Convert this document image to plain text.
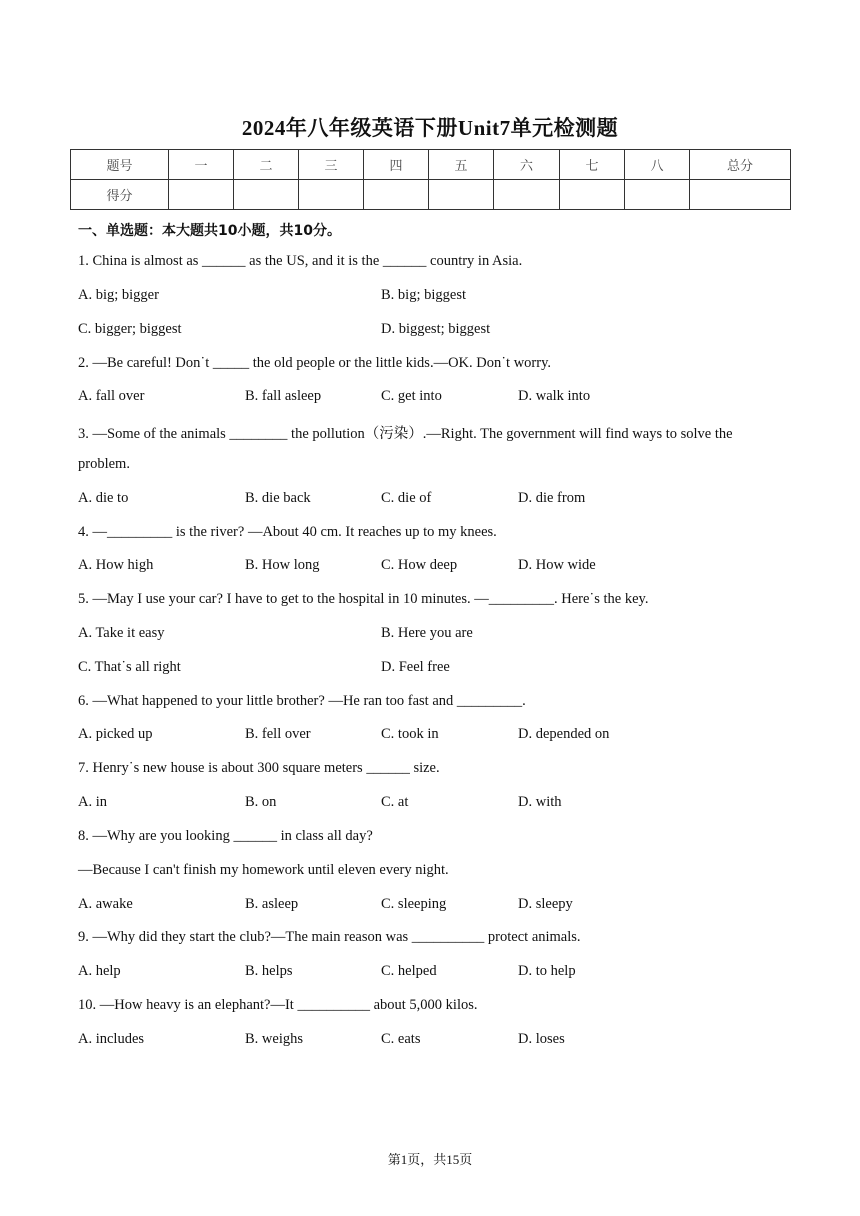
2024年八年级英语下册Unit7单元检测题
题号	一	二	三	四	五	六	七	八	总分
得分									
一、单选题：本大题共10小题，共10分。
1. China is almost as ______ as the US, and it is the ______ country in Asia.
A. big; bigger	B. big; biggest
C. bigger; biggest	D. biggest; biggest
2. —Be careful! Don˙t _____ the old people or the little kids.—OK. Don˙t worry.
A. fall over	B. fall asleep	C. get into	D. walk into
3. —Some of the animals ________ the pollution（污染）.—Right. The government will find ways to solve the
problem.
A. die to	B. die back	C. die of	D. die from
4. —_________ is the river? —About 40 cm. It reaches up to my knees.
A. How high	B. How long	C. How deep	D. How wide
5. —May I use your car? I have to get to the hospital in 10 minutes. —_________. Here˙s the key.
A. Take it easy	B. Here you are
C. That˙s all right	D. Feel free
6. —What happened to your little brother? —He ran too fast and _________.
A. picked up	B. fell over	C. took in	D. depended on
7. Henry˙s new house is about 300 square meters ______ size.
A. in	B. on	C. at	D. with
8. —Why are you looking ______ in class all day?
—Because I can't finish my homework until eleven every night.
A. awake	B. asleep	C. sleeping	D. sleepy
9. —Why did they start the club?—The main reason was __________ protect animals.
A. help	B. helps	C. helped	D. to help
10. —How heavy is an elephant?—It __________ about 5,000 kilos.
A. includes	B. weighs	C. eats	D. loses
第1页，共15页
